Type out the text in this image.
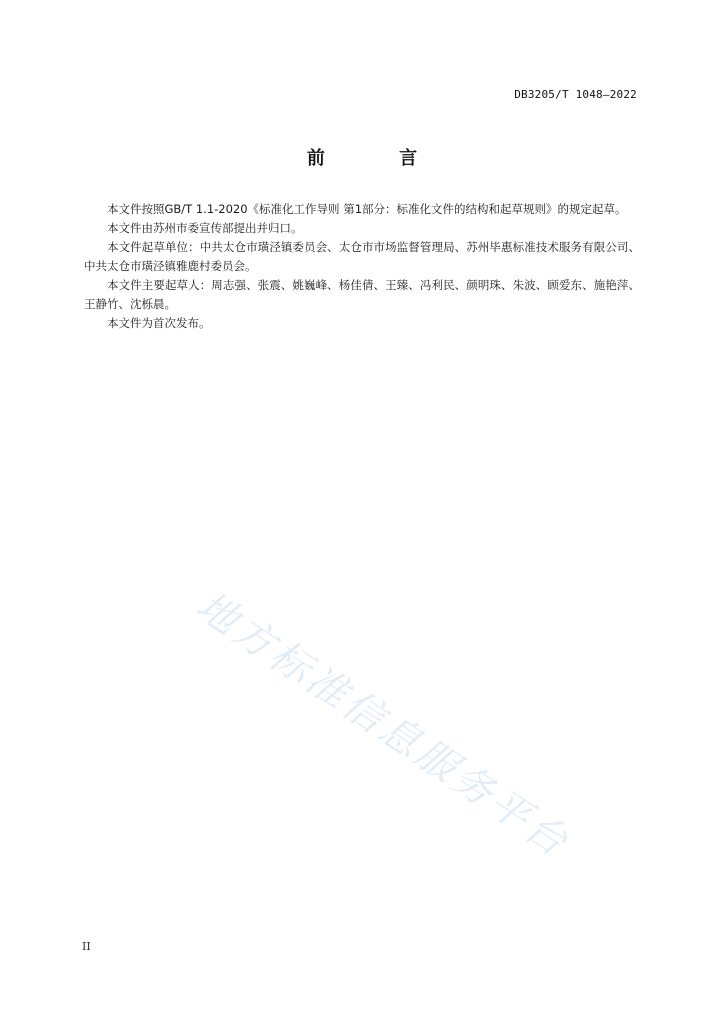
DB3205/T 1048—2022
前 言

本文件按照GB/T 1.1-2020《标准化工作导则 第1部分：标准化文件的结构和起草规则》的规定起草。

本文件由苏州市委宣传部提出并归口。

本文件起草单位：中共太仓市璜泾镇委员会、太仓市市场监督管理局、苏州毕惠标准技术服务有限公司、中共太仓市璜泾镇雅鹿村委员会。

本文件主要起草人：周志强、张震、姚巍峰、杨佳倩、王臻、冯利民、颜明珠、朱波、顾爱东、施艳萍、王静竹、沈栎晨。

本文件为首次发布。

地方标准信息服务平台
II
